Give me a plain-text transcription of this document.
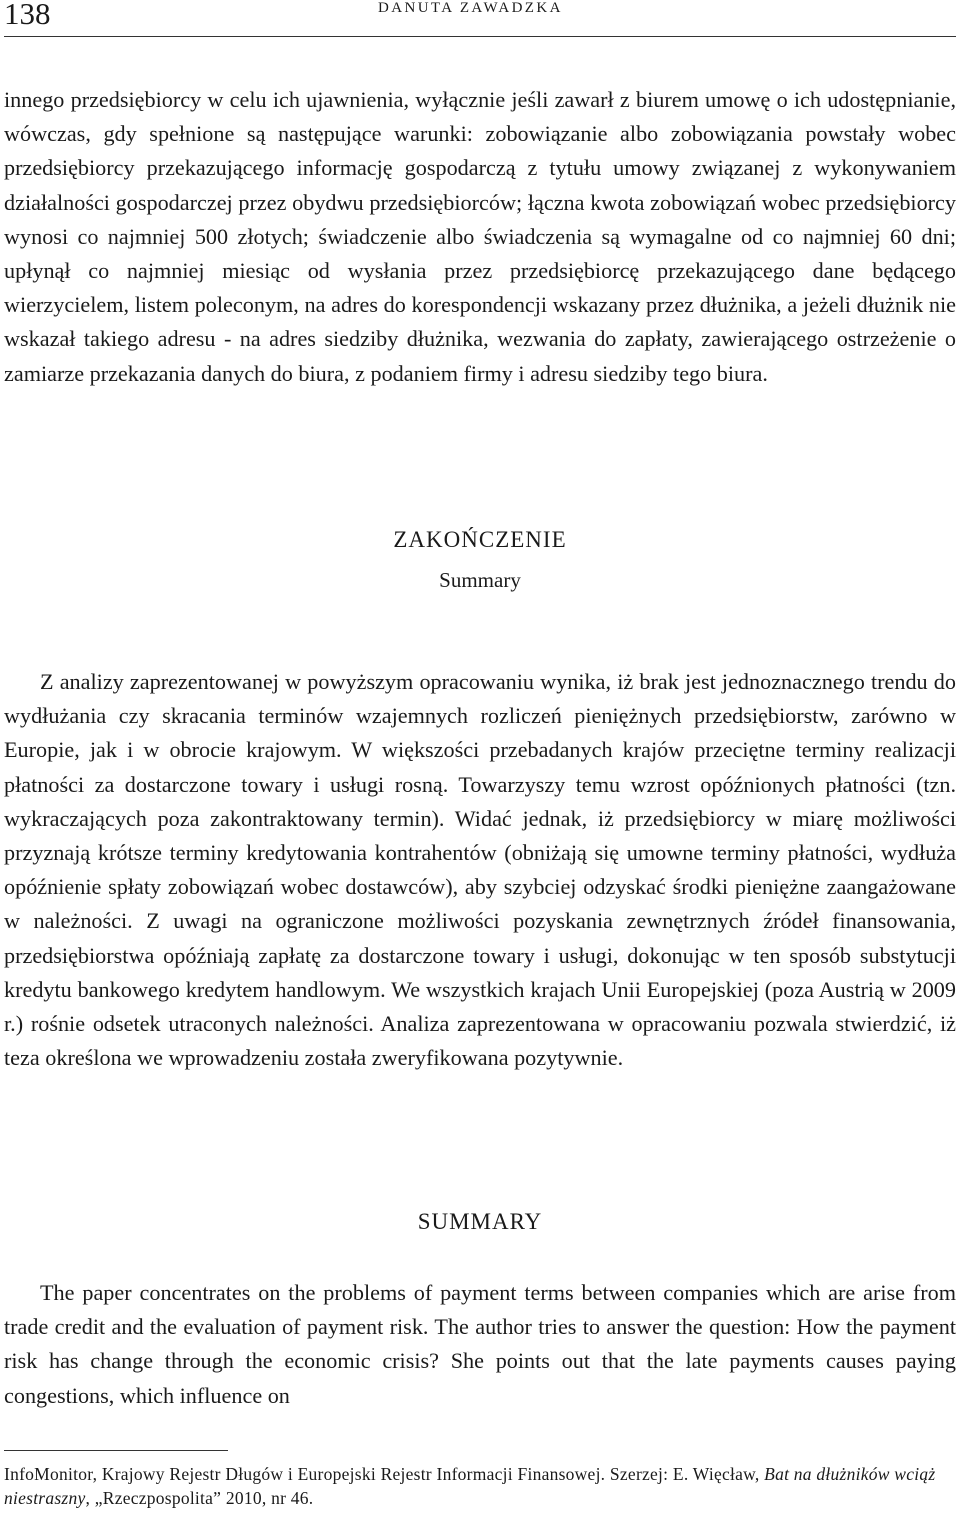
138	DANUTA ZAWADZKA

innego przedsiębiorcy w celu ich ujawnienia, wyłącznie jeśli zawarł z biurem umowę o ich udostępnianie, wówczas, gdy spełnione są następujące warunki: zobowiązanie albo zobowiązania powstały wobec przedsiębiorcy przekazującego informację gospodarczą z tytułu umowy związanej z wykonywaniem działalności gospodarczej przez obydwu przedsiębiorców; łączna kwota zobowiązań wobec przedsiębiorcy wynosi co najmniej 500 złotych; świadczenie albo świadczenia są wymagalne od co najmniej 60 dni; upłynął co najmniej miesiąc od wysłania przez przedsiębiorcę przekazującego dane będącego wierzycielem, listem poleconym, na adres do korespondencji wskazany przez dłużnika, a jeżeli dłużnik nie wskazał takiego adresu - na adres siedziby dłużnika, wezwania do zapłaty, zawierającego ostrzeżenie o zamiarze przekazania danych do biura, z podaniem firmy i adresu siedziby tego biura.

ZAKOŃCZENIE
Summary

Z analizy zaprezentowanej w powyższym opracowaniu wynika, iż brak jest jednoznacznego trendu do wydłużania czy skracania terminów wzajemnych rozliczeń pieniężnych przedsiębiorstw, zarówno w Europie, jak i w obrocie krajowym. W większości przebadanych krajów przeciętne terminy realizacji płatności za dostarczone towary i usługi rosną. Towarzyszy temu wzrost opóźnionych płatności (tzn. wykraczających poza zakontraktowany termin). Widać jednak, iż przedsiębiorcy w miarę możliwości przyznają krótsze terminy kredytowania kontrahentów (obniżają się umowne terminy płatności, wydłuża opóźnienie spłaty zobowiązań wobec dostawców), aby szybciej odzyskać środki pieniężne zaangażowane w należności. Z uwagi na ograniczone możliwości pozyskania zewnętrznych źródeł finansowania, przedsiębiorstwa opóźniają zapłatę za dostarczone towary i usługi, dokonując w ten sposób substytucji kredytu bankowego kredytem handlowym. We wszystkich krajach Unii Europejskiej (poza Austrią w 2009 r.) rośnie odsetek utraconych należności. Analiza zaprezentowana w opracowaniu pozwala stwierdzić, iż teza określona we wprowadzeniu została zweryfikowana pozytywnie.

SUMMARY

The paper concentrates on the problems of payment terms between companies which are arise from trade credit and the evaluation of payment risk. The author tries to answer the question: How the payment risk has change through the economic crisis? She points out that the late payments causes paying congestions, which influence on

InfoMonitor, Krajowy Rejestr Długów i Europejski Rejestr Informacji Finansowej. Szerzej: E. Więcław, Bat na dłużników wciąż niestraszny, „Rzeczpospolita” 2010, nr 46.
